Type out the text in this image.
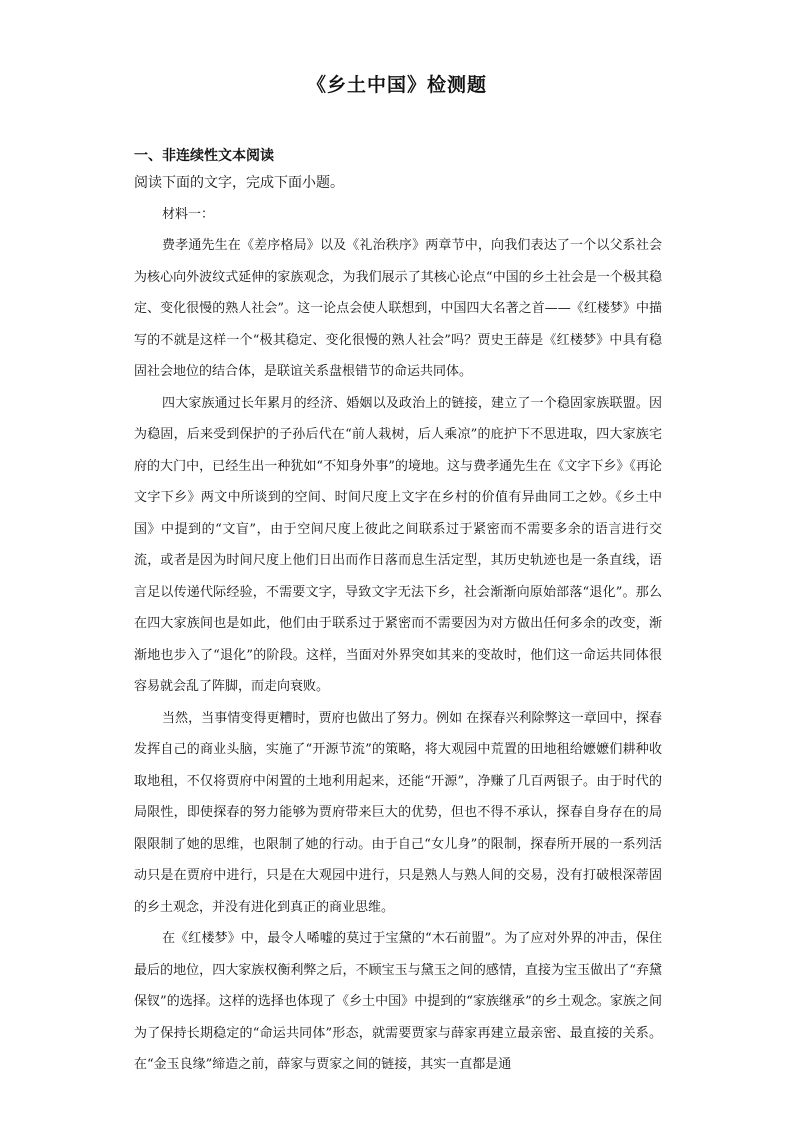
《乡土中国》检测题
一、非连续性文本阅读
阅读下面的文字，完成下面小题。
材料一：

费孝通先生在《差序格局》以及《礼治秩序》两章节中，向我们表达了一个以父系社会为核心向外波纹式延伸的家族观念，为我们展示了其核心论点“中国的乡土社会是一个极其稳定、变化很慢的熟人社会”。这一论点会使人联想到，中国四大名著之首——《红楼梦》中描写的不就是这样一个“极其稳定、变化很慢的熟人社会”吗？贾史王薛是《红楼梦》中具有稳固社会地位的结合体，是联谊关系盘根错节的命运共同体。

四大家族通过长年累月的经济、婚姻以及政治上的链接，建立了一个稳固家族联盟。因为稳固，后来受到保护的子孙后代在“前人栽树，后人乘凉”的庇护下不思进取，四大家族宅府的大门中，已经生出一种犹如“不知身外事”的境地。这与费孝通先生在《文字下乡》《再论文字下乡》两文中所谈到的空间、时间尺度上文字在乡村的价值有异曲同工之妙。《乡土中国》中提到的“文盲”，由于空间尺度上彼此之间联系过于紧密而不需要多余的语言进行交流，或者是因为时间尺度上他们日出而作日落而息生活定型，其历史轨迹也是一条直线，语言足以传递代际经验，不需要文字，导致文字无法下乡，社会渐渐向原始部落“退化”。那么在四大家族间也是如此，他们由于联系过于紧密而不需要因为对方做出任何多余的改变，渐渐地也步入了“退化”的阶段。这样，当面对外界突如其来的变故时，他们这一命运共同体很容易就会乱了阵脚，而走向衰败。

当然，当事情变得更糟时，贾府也做出了努力。例如 在探春兴利除弊这一章回中，探春发挥自己的商业头脑，实施了“开源节流”的策略，将大观园中荒置的田地租给嬷嬷们耕种收取地租，不仅将贾府中闲置的土地利用起来，还能“开源”，净赚了几百两银子。由于时代的局限性，即使探春的努力能够为贾府带来巨大的优势，但也不得不承认，探春自身存在的局限限制了她的思维，也限制了她的行动。由于自己“女儿身”的限制，探春所开展的一系列活动只是在贾府中进行，只是在大观园中进行，只是熟人与熟人间的交易，没有打破根深蒂固的乡土观念，并没有进化到真正的商业思维。

在《红楼梦》中，最令人唏嘘的莫过于宝黛的“木石前盟”。为了应对外界的冲击，保住最后的地位，四大家族权衡利弊之后，不顾宝玉与黛玉之间的感情，直接为宝玉做出了“弃黛保钗”的选择。这样的选择也体现了《乡土中国》中提到的“家族继承”的乡土观念。家族之间为了保持长期稳定的“命运共同体”形态，就需要贾家与薛家再建立最亲密、最直接的关系。在“金玉良缘”缔造之前，薛家与贾家之间的链接，其实一直都是通
